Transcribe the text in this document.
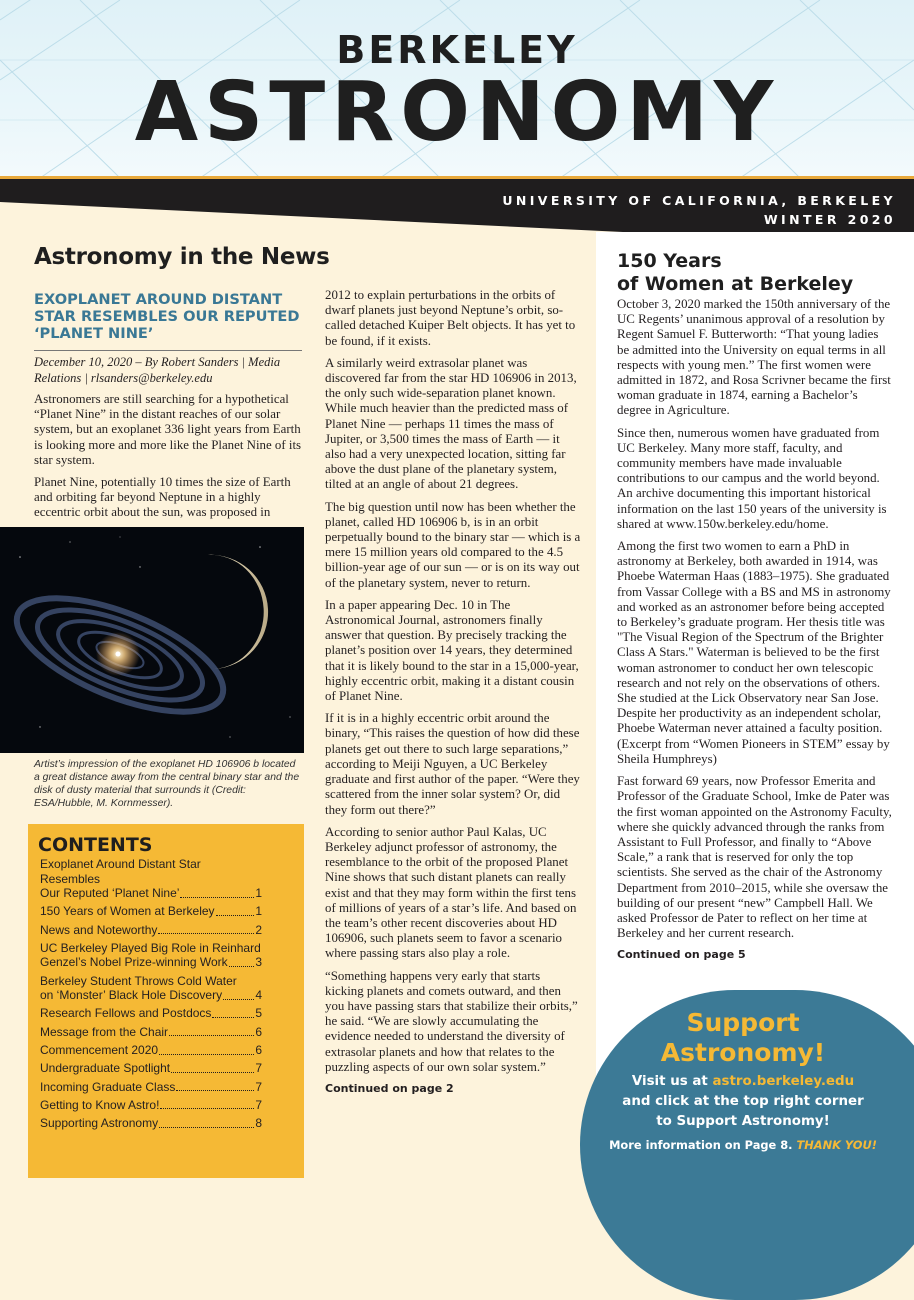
BERKELEY
ASTRONOMY
UNIVERSITY OF CALIFORNIA, BERKELEY
WINTER 2020
Astronomy in the News
EXOPLANET AROUND DISTANT STAR RESEMBLES OUR REPUTED ‘PLANET NINE’
December 10, 2020 – By Robert Sanders | Media Relations | rlsanders@berkeley.edu

Astronomers are still searching for a hypothetical “Planet Nine” in the distant reaches of our solar system, but an exoplanet 336 light years from Earth is looking more and more like the Planet Nine of its star system.

Planet Nine, potentially 10 times the size of Earth and orbiting far beyond Neptune in a highly eccentric orbit about the sun, was proposed in

Artist’s impression of the exoplanet HD 106906 b located a great distance away from the central binary star and the disk of dusty material that surrounds it (Credit: ESA/Hubble, M. Kornmesser).
CONTENTS
Exoplanet Around Distant Star Resembles
Our Reputed ‘Planet Nine’	1
150 Years of Women at Berkeley	1
News and Noteworthy	2
UC Berkeley Played Big Role in Reinhard
Genzel’s Nobel Prize-winning Work 3
Berkeley Student Throws Cold Water
on ‘Monster’ Black Hole Discovery	4
Research Fellows and Postdocs	5
Message from the Chair	6
Commencement 2020	6
Undergraduate Spotlight	7
Incoming Graduate Class	7
Getting to Know Astro!	7
Supporting Astronomy	8

2012 to explain perturbations in the orbits of dwarf planets just beyond Neptune’s orbit, so-called detached Kuiper Belt objects. It has yet to be found, if it exists.

A similarly weird extrasolar planet was discovered far from the star HD 106906 in 2013, the only such wide-separation planet known. While much heavier than the predicted mass of Planet Nine — perhaps 11 times the mass of Jupiter, or 3,500 times the mass of Earth — it also had a very unexpected location, sitting far above the dust plane of the planetary system, tilted at an angle of about 21 degrees.

The big question until now has been whether the planet, called HD 106906 b, is in an orbit perpetually bound to the binary star — which is a mere 15 million years old compared to the 4.5 billion-year age of our sun — or is on its way out of the planetary system, never to return.

In a paper appearing Dec. 10 in The Astronomical Journal, astronomers finally answer that question. By precisely tracking the planet’s position over 14 years, they determined that it is likely bound to the star in a 15,000-year, highly eccentric orbit, making it a distant cousin of Planet Nine.

If it is in a highly eccentric orbit around the binary, “This raises the question of how did these planets get out there to such large separations,” according to Meiji Nguyen, a UC Berkeley graduate and first author of the paper. “Were they scattered from the inner solar system? Or, did they form out there?”

According to senior author Paul Kalas, UC Berkeley adjunct professor of astronomy, the resemblance to the orbit of the proposed Planet Nine shows that such distant planets can really exist and that they may form within the first tens of millions of years of a star’s life. And based on the team’s other recent discoveries about HD 106906, such planets seem to favor a scenario where passing stars also play a role.

“Something happens very early that starts kicking planets and comets outward, and then you have passing stars that stabilize their orbits,” he said. “We are slowly accumulating the evidence needed to understand the diversity of extrasolar planets and how that relates to the puzzling aspects of our own solar system.”

Continued on page 2
150 Years
of Women at Berkeley

October 3, 2020 marked the 150th anniversary of the UC Regents’ unanimous approval of a resolution by Regent Samuel F. Butterworth: “That young ladies be admitted into the University on equal terms in all respects with young men.” The first women were admitted in 1872, and Rosa Scrivner became the first woman graduate in 1874, earning a Bachelor’s degree in Agriculture.

Since then, numerous women have graduated from UC Berkeley. Many more staff, faculty, and community members have made invaluable contributions to our campus and the world beyond. An archive documenting this important historical information on the last 150 years of the university is shared at www.150w.berkeley.edu/home.

Among the first two women to earn a PhD in astronomy at Berkeley, both awarded in 1914, was Phoebe Waterman Haas (1883–1975). She graduated from Vassar College with a BS and MS in astronomy and worked as an astronomer before being accepted to Berkeley’s graduate program. Her thesis title was "The Visual Region of the Spectrum of the Brighter Class A Stars." Waterman is believed to be the first woman astronomer to conduct her own telescopic research and not rely on the observations of others. She studied at the Lick Observatory near San Jose. Despite her productivity as an independent scholar, Phoebe Waterman never attained a faculty position. (Excerpt from “Women Pioneers in STEM” essay by Sheila Humphreys)

Fast forward 69 years, now Professor Emerita and Professor of the Graduate School, Imke de Pater was the first woman appointed on the Astronomy Faculty, where she quickly advanced through the ranks from Assistant to Full Professor, and finally to “Above Scale,” a rank that is reserved for only the top scientists. She served as the chair of the Astronomy Department from 2010–2015, while she oversaw the building of our present “new” Campbell Hall. We asked Professor de Pater to reflect on her time at Berkeley and her current research.

Continued on page 5
Support
Astronomy!
Visit us at astro.berkeley.edu
and click at the top right corner
to Support Astronomy!
More information on Page 8. THANK YOU!
